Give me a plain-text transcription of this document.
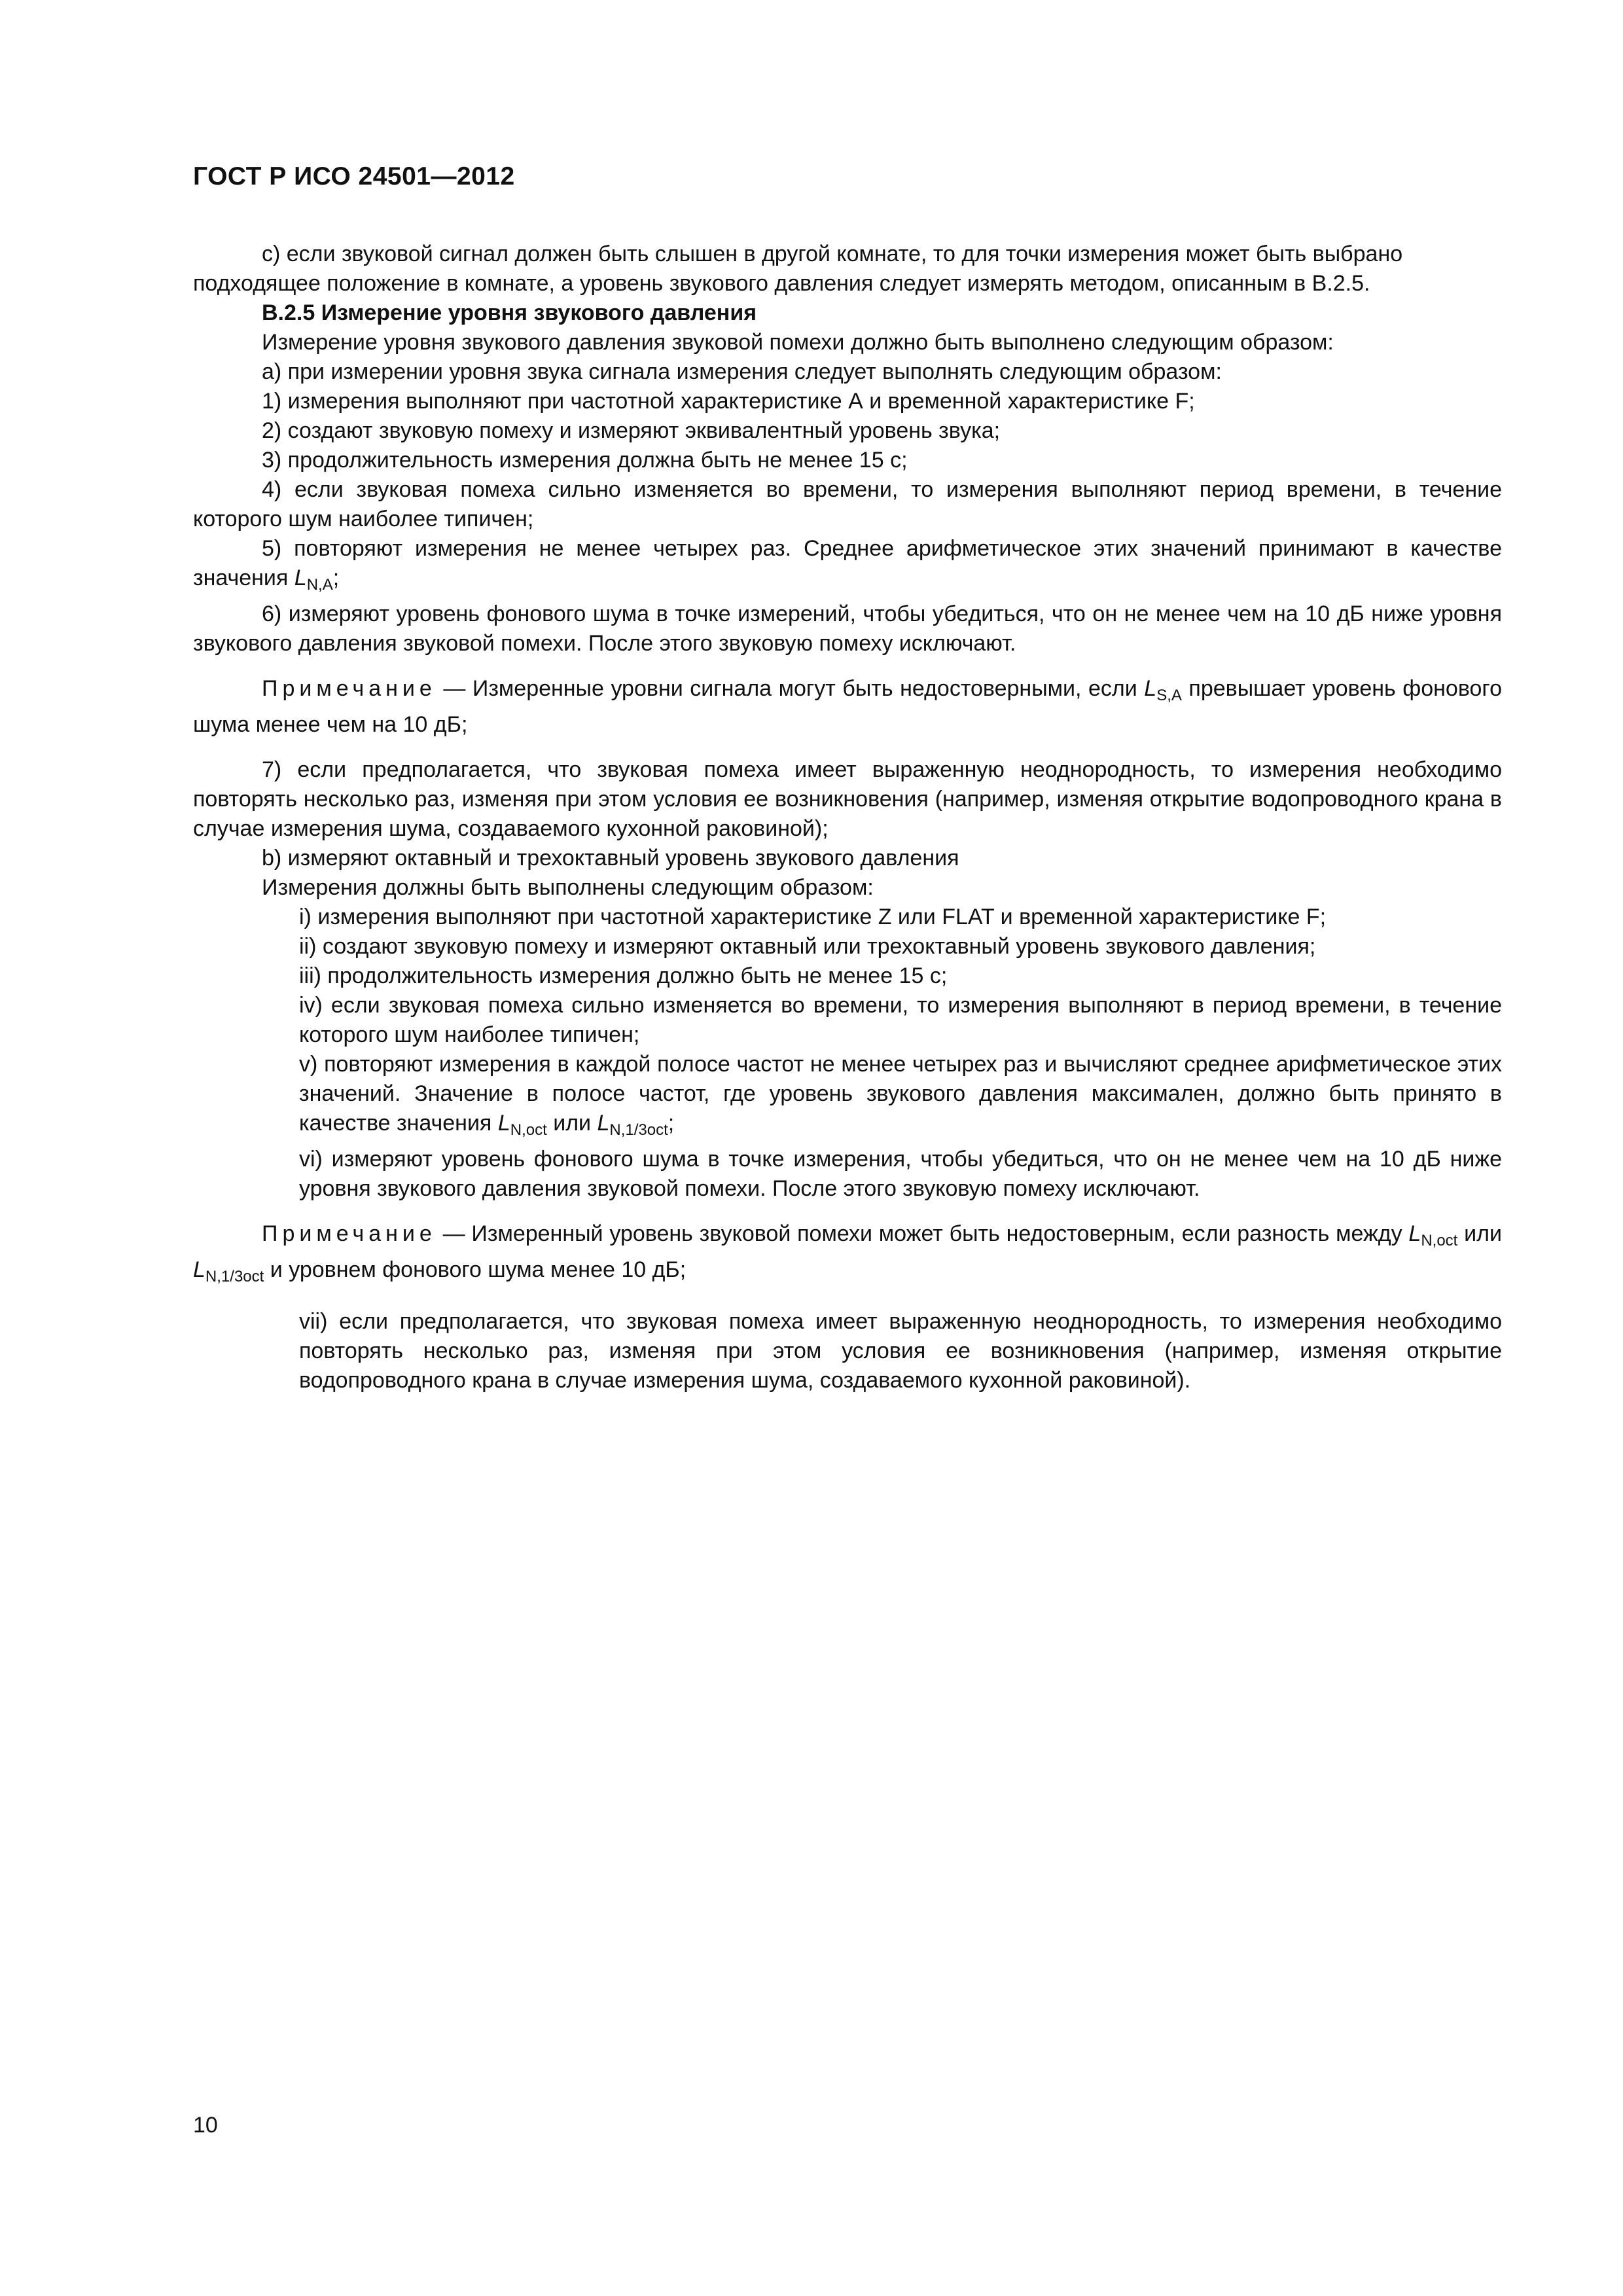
ГОСТ Р ИСО 24501—2012

c) если звуковой сигнал должен быть слышен в другой комнате, то для точки измерения может быть выбрано

подходящее положение в комнате, а уровень звукового давления следует измерять методом, описанным в B.2.5.

B.2.5 Измерение уровня звукового давления

Измерение уровня звукового давления звуковой помехи должно быть выполнено следующим образом:

а) при измерении уровня звука сигнала измерения следует выполнять следующим образом:

1) измерения выполняют при частотной характеристике А и временной характеристике F;

2) создают звуковую помеху и измеряют эквивалентный уровень звука;

3) продолжительность измерения должна быть не менее 15 с;

4) если звуковая помеха сильно изменяется во времени, то измерения выполняют период времени, в течение которого шум наиболее типичен;

5) повторяют измерения не менее четырех раз. Среднее арифметическое этих значений принимают в качестве значения $L_{N,A}$;

6) измеряют уровень фонового шума в точке измерений, чтобы убедиться, что он не менее чем на 10 дБ ниже уровня звукового давления звуковой помехи. После этого звуковую помеху исключают.

Примечание — Измеренные уровни сигнала могут быть недостоверными, если $L_{S,A}$ превышает уровень фонового шума менее чем на 10 дБ;

7) если предполагается, что звуковая помеха имеет выраженную неоднородность, то измерения необходимо повторять несколько раз, изменяя при этом условия ее возникновения (например, изменяя открытие водопроводного крана в случае измерения шума, создаваемого кухонной раковиной);

b) измеряют октавный и трехоктавный уровень звукового давления

Измерения должны быть выполнены следующим образом:

i) измерения выполняют при частотной характеристике Z или FLAT и временной характеристике F;

ii) создают звуковую помеху и измеряют октавный или трехоктавный уровень звукового давления;

iii) продолжительность измерения должно быть не менее 15 с;

iv) если звуковая помеха сильно изменяется во времени, то измерения выполняют в период времени, в течение которого шум наиболее типичен;

v) повторяют измерения в каждой полосе частот не менее четырех раз и вычисляют среднее арифметическое этих значений. Значение в полосе частот, где уровень звукового давления максимален, должно быть принято в качестве значения $L_{N,oct}$ или $L_{N,1/3oct}$;

vi) измеряют уровень фонового шума в точке измерения, чтобы убедиться, что он не менее чем на 10 дБ ниже уровня звукового давления звуковой помехи. После этого звуковую помеху исключают.

Примечание — Измеренный уровень звуковой помехи может быть недостоверным, если разность между $L_{N,oct}$ или $L_{N,1/3oct}$ и уровнем фонового шума менее 10 дБ;

vii) если предполагается, что звуковая помеха имеет выраженную неоднородность, то измерения необходимо повторять несколько раз, изменяя при этом условия ее возникновения (например, изменяя открытие водопроводного крана в случае измерения шума, создаваемого кухонной раковиной).

10
